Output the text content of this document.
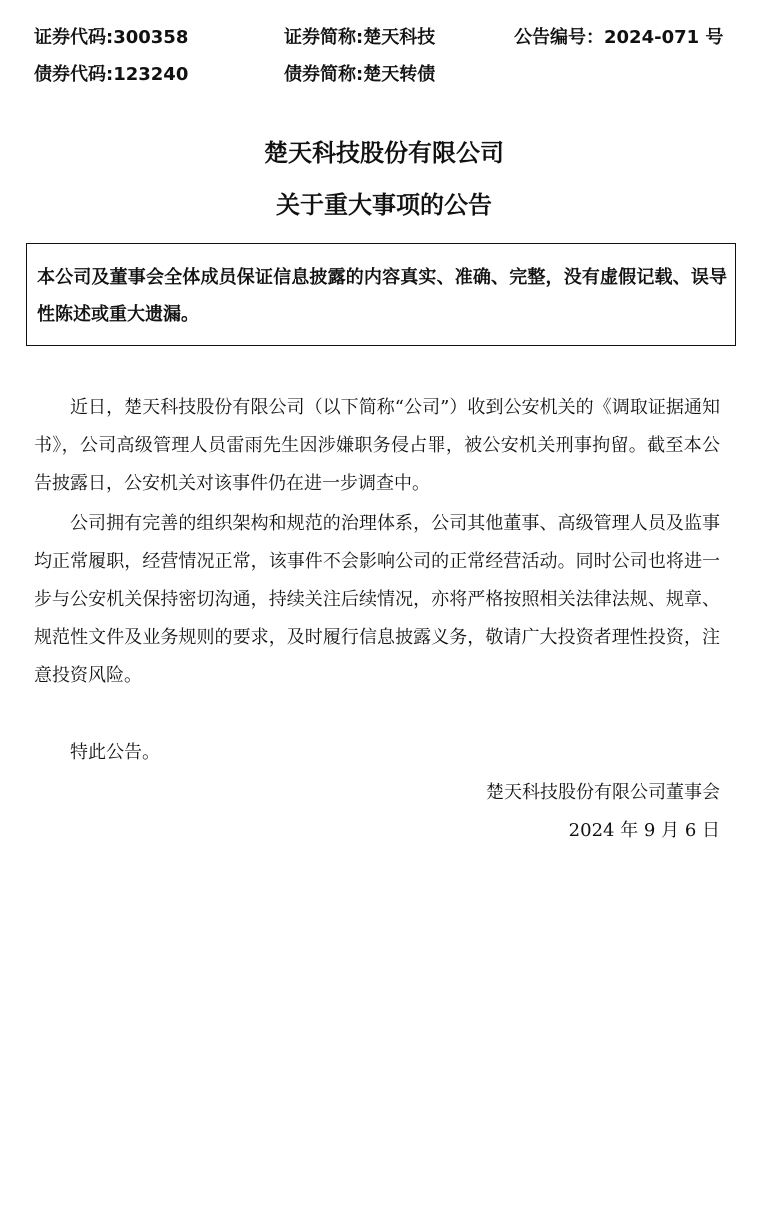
证券代码:300358	证券简称:楚天科技	公告编号：2024-071 号
债券代码:123240	债券简称:楚天转债
楚天科技股份有限公司
关于重大事项的公告
本公司及董事会全体成员保证信息披露的内容真实、准确、完整，没有虚假记载、误导性陈述或重大遗漏。
近日，楚天科技股份有限公司（以下简称“公司”）收到公安机关的《调取证据通知书》，公司高级管理人员雷雨先生因涉嫌职务侵占罪，被公安机关刑事拘留。截至本公告披露日，公安机关对该事件仍在进一步调查中。
公司拥有完善的组织架构和规范的治理体系，公司其他董事、高级管理人员及监事均正常履职，经营情况正常，该事件不会影响公司的正常经营活动。同时公司也将进一步与公安机关保持密切沟通，持续关注后续情况，亦将严格按照相关法律法规、规章、规范性文件及业务规则的要求，及时履行信息披露义务，敬请广大投资者理性投资，注意投资风险。
特此公告。
楚天科技股份有限公司董事会
2024 年 9 月 6 日
